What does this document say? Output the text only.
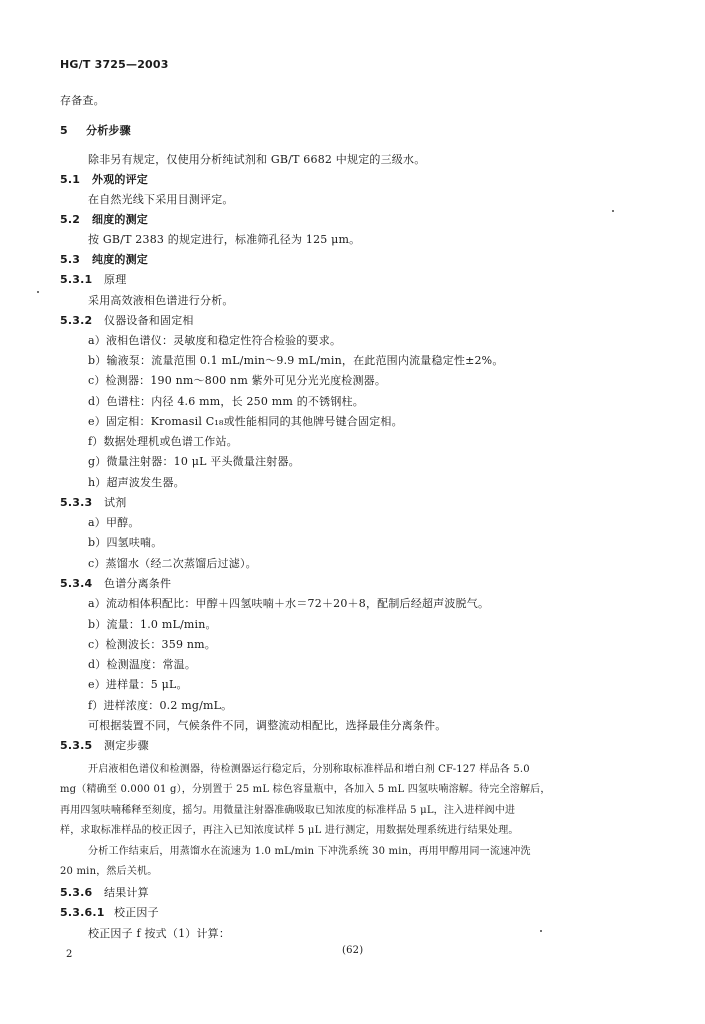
HG/T 3725—2003
存备查。
5 分析步骤
除非另有规定，仅使用分析纯试剂和 GB/T 6682 中规定的三级水。
5.1 外观的评定
在自然光线下采用目测评定。
5.2 细度的测定
按 GB/T 2383 的规定进行，标准筛孔径为 125 μm。
5.3 纯度的测定
5.3.1 原理
采用高效液相色谱进行分析。
5.3.2 仪器设备和固定相
a）液相色谱仪：灵敏度和稳定性符合检验的要求。
b）输液泵：流量范围 0.1 mL/min～9.9 mL/min，在此范围内流量稳定性±2%。
c）检测器：190 nm～800 nm 紫外可见分光光度检测器。
d）色谱柱：内径 4.6 mm，长 250 mm 的不锈钢柱。
e）固定相：Kromasil C₁₈或性能相同的其他牌号键合固定相。
f）数据处理机或色谱工作站。
g）微量注射器：10 μL 平头微量注射器。
h）超声波发生器。
5.3.3 试剂
a）甲醇。
b）四氢呋喃。
c）蒸馏水（经二次蒸馏后过滤）。
5.3.4 色谱分离条件
a）流动相体积配比：甲醇＋四氢呋喃＋水＝72＋20＋8，配制后经超声波脱气。
b）流量：1.0 mL/min。
c）检测波长：359 nm。
d）检测温度：常温。
e）进样量：5 μL。
f）进样浓度：0.2 mg/mL。
可根据装置不同，气候条件不同，调整流动相配比，选择最佳分离条件。
5.3.5 测定步骤
开启液相色谱仪和检测器，待检测器运行稳定后，分别称取标准样品和增白剂 CF-127 样品各 5.0
mg（精确至 0.000 01 g），分别置于 25 mL 棕色容量瓶中，各加入 5 mL 四氢呋喃溶解。待完全溶解后，
再用四氢呋喃稀释至刻度，摇匀。用微量注射器准确吸取已知浓度的标准样品 5 μL，注入进样阀中进
样，求取标准样品的校正因子，再注入已知浓度试样 5 μL 进行测定，用数据处理系统进行结果处理。
分析工作结束后，用蒸馏水在流速为 1.0 mL/min 下冲洗系统 30 min，再用甲醇用同一流速冲洗
20 min，然后关机。
5.3.6 结果计算
5.3.6.1 校正因子
校正因子 f 按式（1）计算：
2	(62)
